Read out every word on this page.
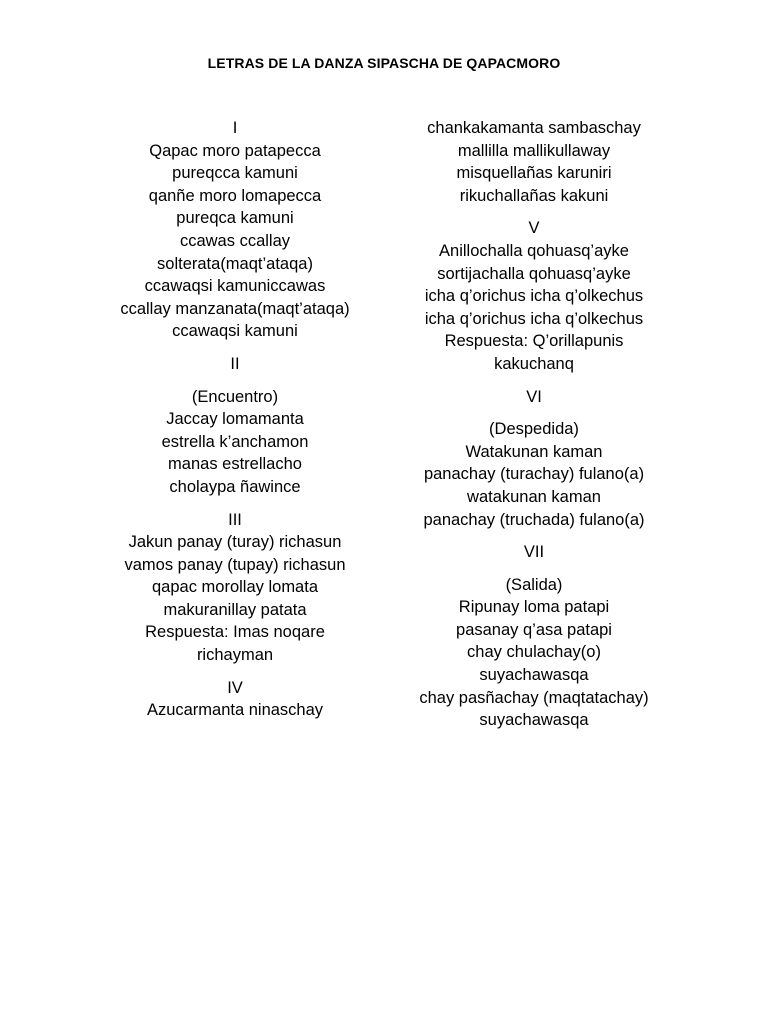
LETRAS DE LA DANZA SIPASCHA DE QAPACMORO
I
Qapac moro patapecca
pureqcca kamuni
qanñe moro lomapecca
pureqca kamuni
ccawas ccallay
solterata(maqt’ataqa)
ccawaqsi kamuniccawas
ccallay manzanata(maqt’ataqa)
ccawaqsi kamuni
II
(Encuentro)
Jaccay lomamanta
estrella k’anchamon
manas estrellacho
cholaypa ñawince
III
Jakun panay (turay) richasun
vamos panay (tupay) richasun
qapac morollay lomata
makuranillay patata
Respuesta: Imas noqare
richayman
IV
Azucarmanta ninaschay
chankakamanta sambaschay
mallilla mallikullaway
misquellañas karuniri
rikuchallañas kakuni
V
Anillochalla qohuasq’ayke
sortijachalla qohuasq’ayke
icha q’orichus icha q’olkechus
icha q’orichus icha q’olkechus
Respuesta: Q’orillapunis
kakuchanq
VI
(Despedida)
Watakunan kaman
panachay (turachay) fulano(a)
watakunan kaman
panachay (truchada) fulano(a)
VII
(Salida)
Ripunay loma patapi
pasanay q’asa patapi
chay chulachay(o)
suyachawasqa
chay pasñachay (maqtatachay)
suyachawasqa
